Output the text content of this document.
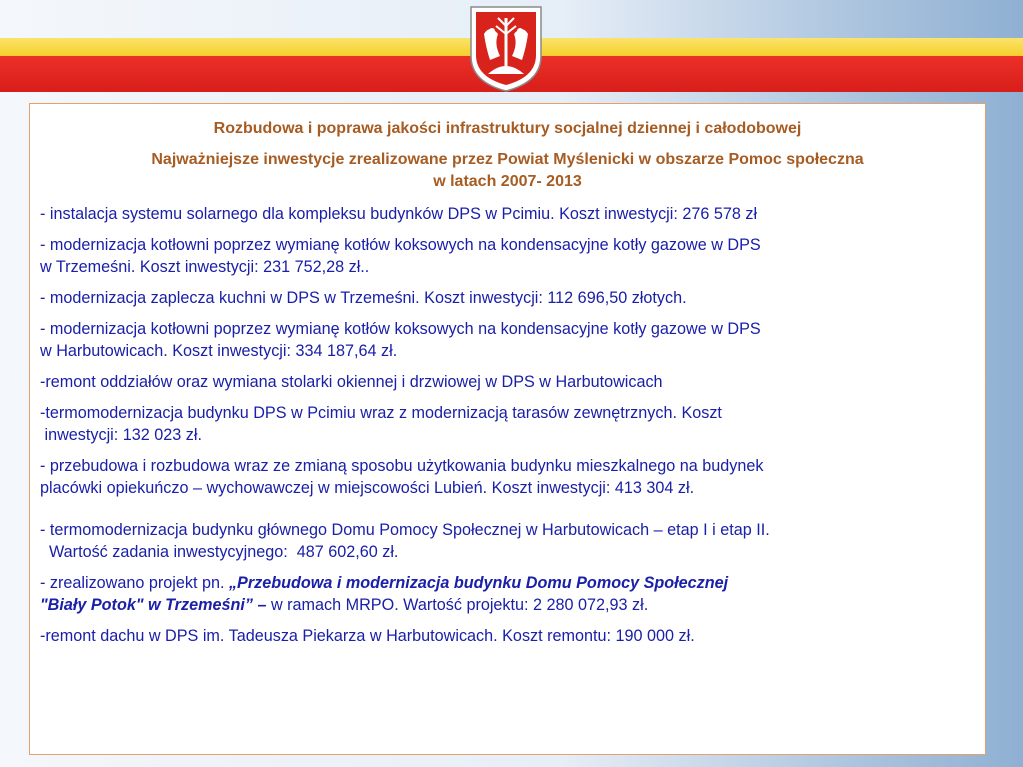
Rozbudowa i poprawa jakości infrastruktury socjalnej dziennej i całodobowej
Najważniejsze inwestycje zrealizowane przez Powiat Myślenicki w obszarze Pomoc społeczna
w latach 2007- 2013
- instalacja systemu solarnego dla kompleksu budynków DPS w Pcimiu. Koszt inwestycji: 276 578 zł
- modernizacja kotłowni poprzez wymianę kotłów koksowych na kondensacyjne kotły gazowe w DPS
w Trzemeśni. Koszt inwestycji: 231 752,28 zł..
- modernizacja zaplecza kuchni w DPS w Trzemeśni. Koszt inwestycji: 112 696,50 złotych.
- modernizacja kotłowni poprzez wymianę kotłów koksowych na kondensacyjne kotły gazowe w DPS
w Harbutowicach. Koszt inwestycji: 334 187,64 zł.
-remont oddziałów oraz wymiana stolarki okiennej i drzwiowej w DPS w Harbutowicach
-termomodernizacja budynku DPS w Pcimiu wraz z modernizacją tarasów zewnętrznych. Koszt
inwestycji: 132 023 zł.
- przebudowa i rozbudowa wraz ze zmianą sposobu użytkowania budynku mieszkalnego na budynek
placówki opiekuńczo – wychowawczej w miejscowości Lubień. Koszt inwestycji: 413 304 zł.
- termomodernizacja budynku głównego Domu Pomocy Społecznej w Harbutowicach – etap I i etap II.
Wartość zadania inwestycyjnego:  487 602,60 zł.
- zrealizowano projekt pn. „Przebudowa i modernizacja budynku Domu Pomocy Społecznej
"Biały Potok" w Trzemeśni” – w ramach MRPO. Wartość projektu: 2 280 072,93 zł.
-remont dachu w DPS im. Tadeusza Piekarza w Harbutowicach. Koszt remontu: 190 000 zł.
